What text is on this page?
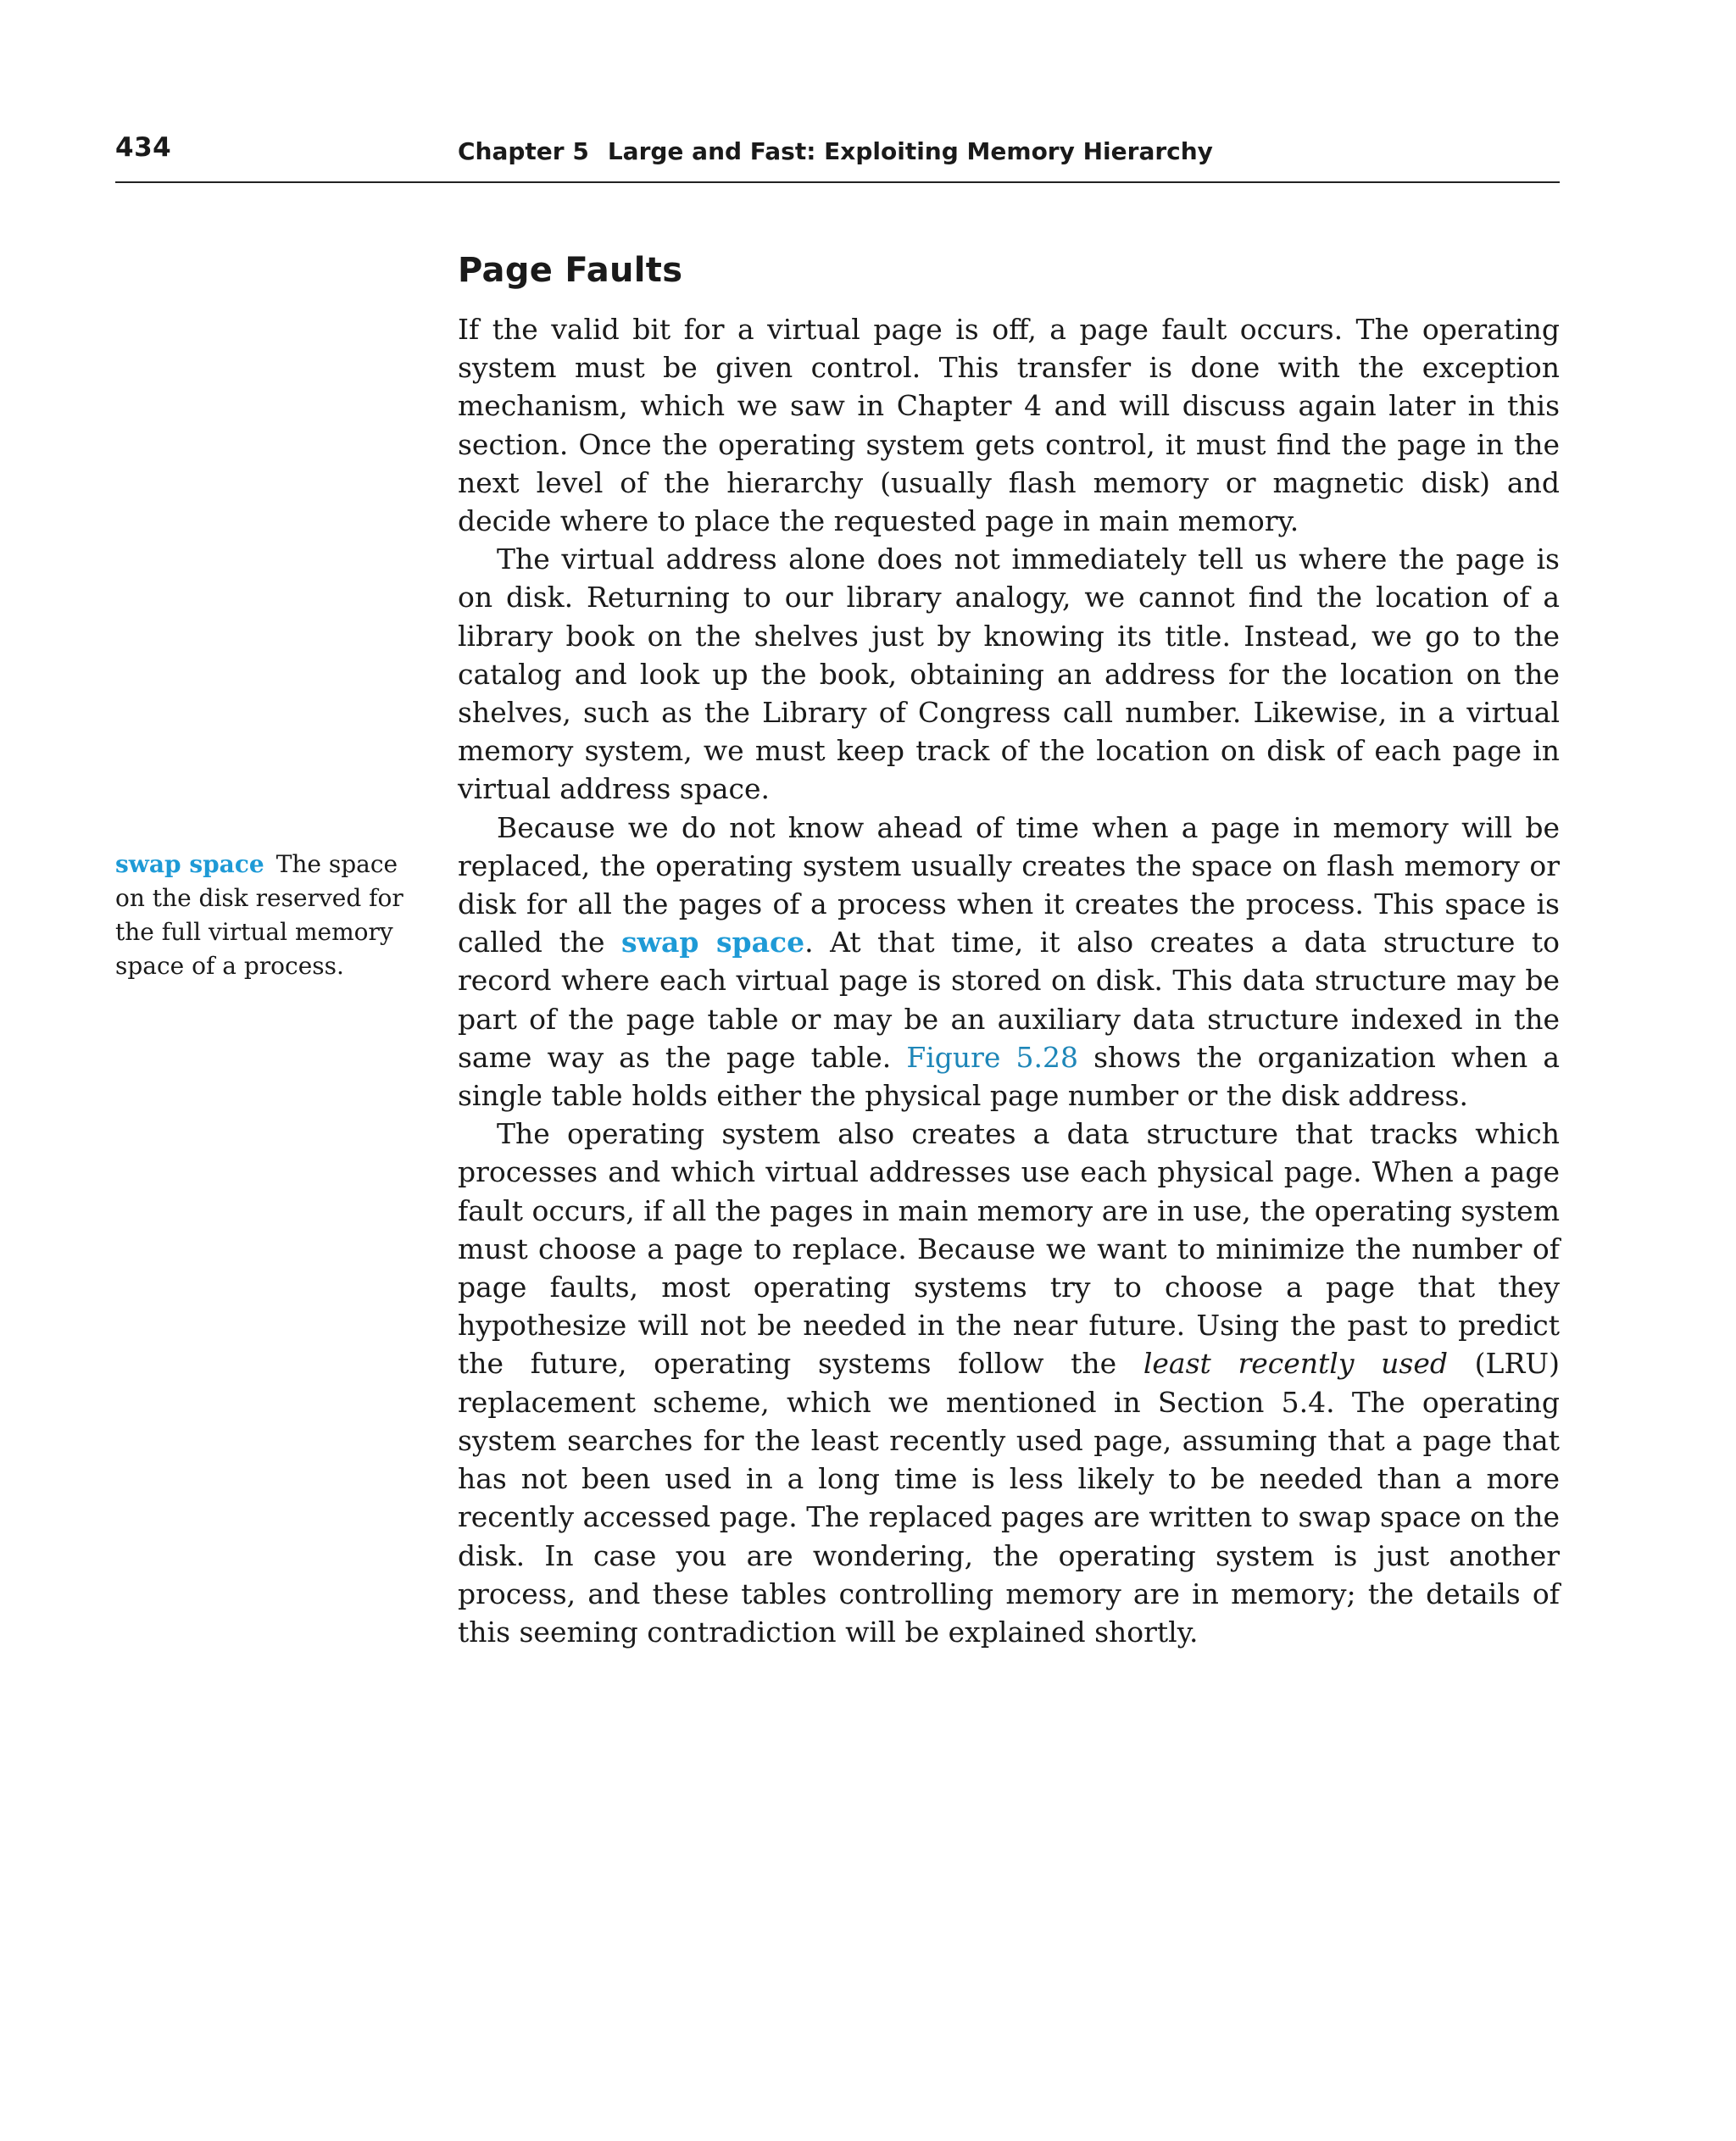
434	Chapter 5 Large and Fast: Exploiting Memory Hierarchy
Page Faults
swap space The space on the disk reserved for the full virtual memory space of a process.

If the valid bit for a virtual page is off, a page fault occurs. The operating system must be given control. This transfer is done with the exception mechanism, which we saw in Chapter 4 and will discuss again later in this section. Once the operating system gets control, it must find the page in the next level of the hierarchy (usually flash memory or magnetic disk) and decide where to place the requested page in main memory.

The virtual address alone does not immediately tell us where the page is on disk. Returning to our library analogy, we cannot find the location of a library book on the shelves just by knowing its title. Instead, we go to the catalog and look up the book, obtaining an address for the location on the shelves, such as the Library of Congress call number. Likewise, in a virtual memory system, we must keep track of the location on disk of each page in virtual address space.

Because we do not know ahead of time when a page in memory will be replaced, the operating system usually creates the space on flash memory or disk for all the pages of a process when it creates the process. This space is called the swap space. At that time, it also creates a data structure to record where each virtual page is stored on disk. This data structure may be part of the page table or may be an auxiliary data structure indexed in the same way as the page table. Figure 5.28 shows the organization when a single table holds either the physical page number or the disk address.

The operating system also creates a data structure that tracks which processes and which virtual addresses use each physical page. When a page fault occurs, if all the pages in main memory are in use, the operating system must choose a page to replace. Because we want to minimize the number of page faults, most operating systems try to choose a page that they hypothesize will not be needed in the near future. Using the past to predict the future, operating systems follow the least recently used (LRU) replacement scheme, which we mentioned in Section 5.4. The operating system searches for the least recently used page, assuming that a page that has not been used in a long time is less likely to be needed than a more recently accessed page. The replaced pages are written to swap space on the disk. In case you are wondering, the operating system is just another process, and these tables controlling memory are in memory; the details of this seeming contradiction will be explained shortly.
